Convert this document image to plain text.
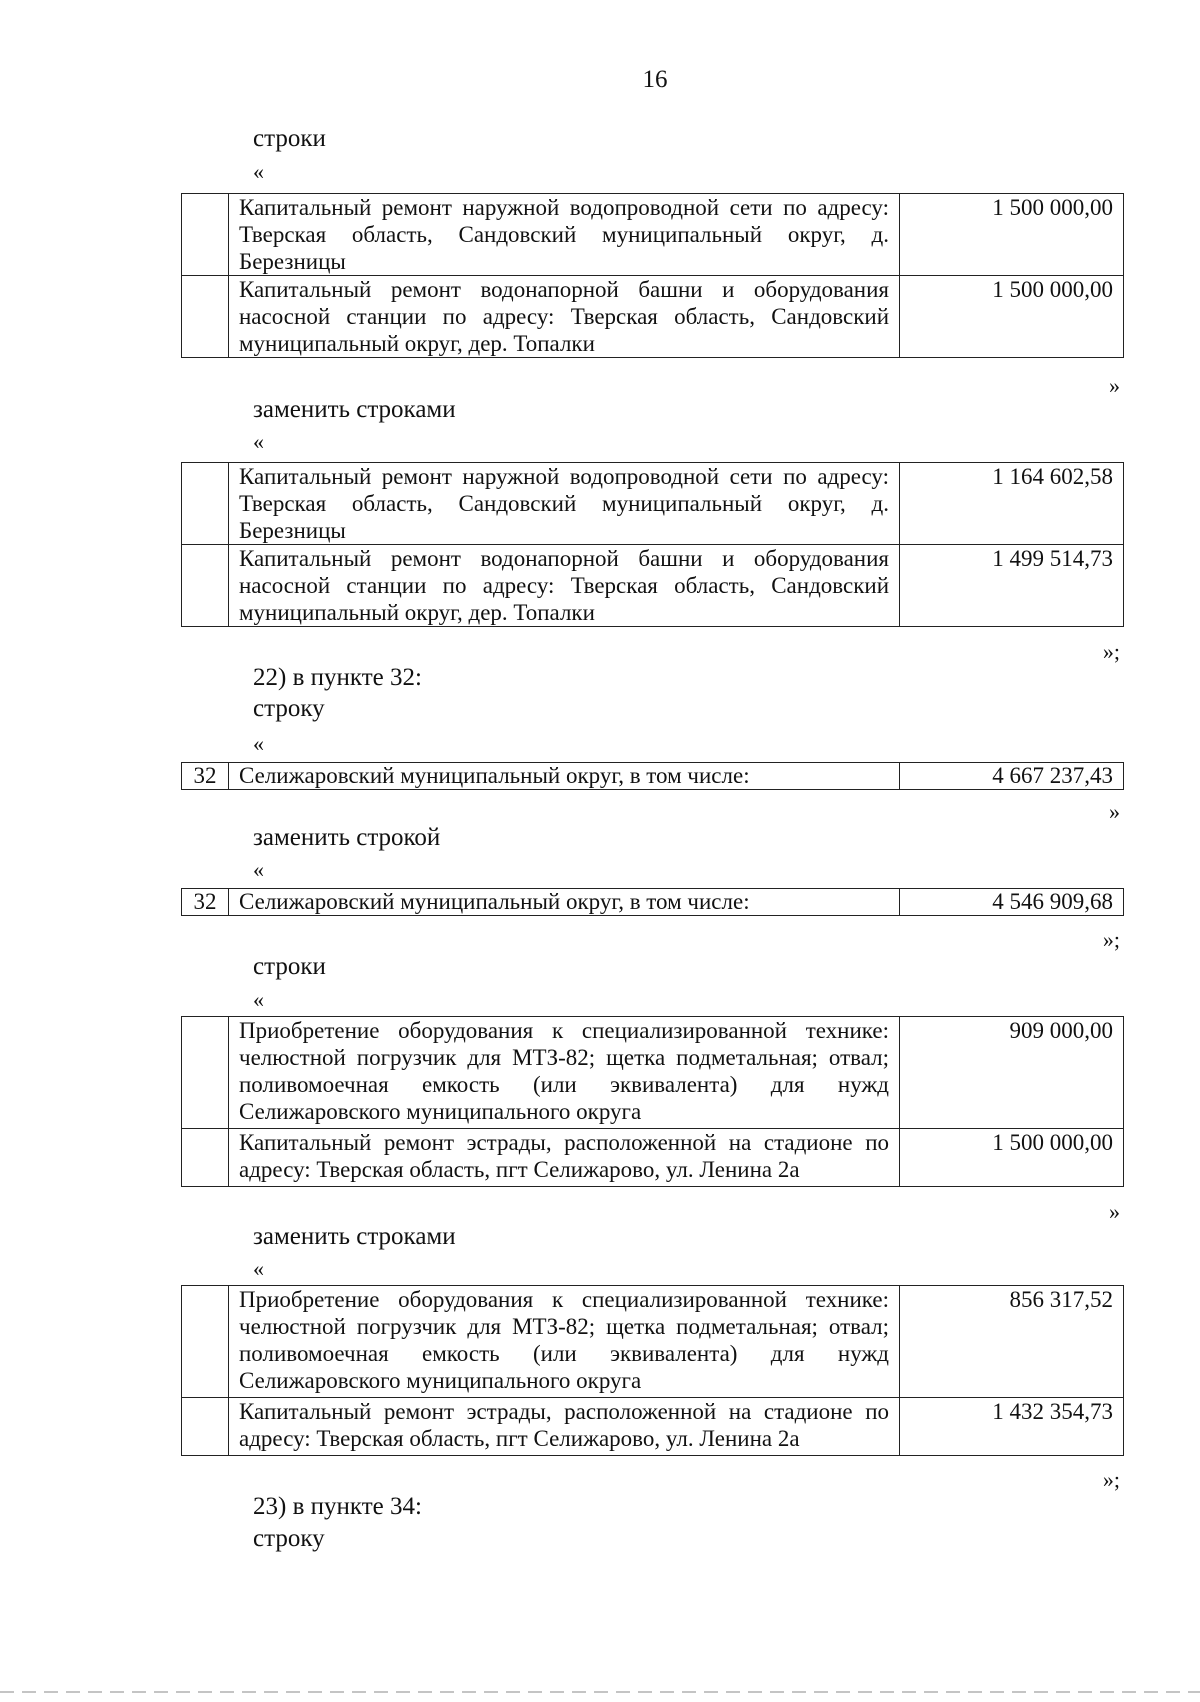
16
строки
«
	Капитальный ремонт наружной водопроводной сети по адресу: Тверская область, Сандовский муниципальный округ, д. Березницы	1 500 000,00
	Капитальный ремонт водонапорной башни и оборудования насосной станции по адресу: Тверская область, Сандовский муниципальный округ, дер. Топалки	1 500 000,00
»
заменить строками
«
	Капитальный ремонт наружной водопроводной сети по адресу: Тверская область, Сандовский муниципальный округ, д. Березницы	1 164 602,58
	Капитальный ремонт водонапорной башни и оборудования насосной станции по адресу: Тверская область, Сандовский муниципальный округ, дер. Топалки	1 499 514,73
»;
22) в пункте 32:
строку
«
32	Селижаровский муниципальный округ, в том числе:	4 667 237,43
»
заменить строкой
«
32	Селижаровский муниципальный округ, в том числе:	4 546 909,68
»;
строки
«
	Приобретение оборудования к специализированной технике: челюстной погрузчик для МТЗ-82; щетка подметальная; отвал; поливомоечная емкость (или эквивалента) для нужд Селижаровского муниципального округа	909 000,00
	Капитальный ремонт эстрады, расположенной на стадионе по адресу: Тверская область, пгт Селижарово, ул. Ленина 2а	1 500 000,00
»
заменить строками
«
	Приобретение оборудования к специализированной технике: челюстной погрузчик для МТЗ-82; щетка подметальная; отвал; поливомоечная емкость (или эквивалента) для нужд Селижаровского муниципального округа	856 317,52
	Капитальный ремонт эстрады, расположенной на стадионе по адресу: Тверская область, пгт Селижарово, ул. Ленина 2а	1 432 354,73
»;
23) в пункте 34:
строку
